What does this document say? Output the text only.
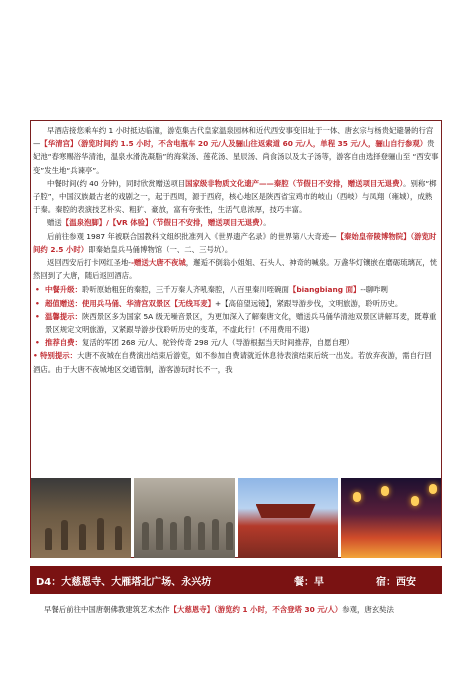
早酒店接您乘车约 1 小时抵达临潼，游览集古代皇家温泉园林和近代西安事变旧址于一体、唐玄宗与杨贵妃避暑的行宫—【华清宫】（游览时间约 1.5 小时，不含电瓶车 20 元/人及骊山往返索道 60 元/人，单程 35 元/人，骊山自行参观）贵妃池“春寒赐浴华清池，温泉水滑洗凝脂”的海棠汤、莲花汤、星辰汤、尚食汤以及太子汤等，游客自由选择登骊山至 “西安事变”发生地“兵谏亭”。

中餐时间(约 40 分钟)，同时欣赏赠送项目国家级非物质文化遗产——秦腔（节假日不安排，赠送项目无退费）。别称“梆子腔”，中国汉族最古老的戏剧之一，起于西周，源于西府，核心地区是陕西省宝鸡市的岐山（西岐）与凤翔（雍城），成熟于秦。秦腔的表演技艺朴实、粗犷、豪放，富有夸张性，生活气息浓厚，技巧丰富。

赠送【温泉泡脚】/【VR 体验】（节假日不安排，赠送项目无退费）。

后前往参观 1987 年被联合国教科文组织批准列入《世界遗产名录》的世界第八大奇迹—【秦始皇帝陵博物院】（游览时间约 2.5 小时）即秦始皇兵马俑博物馆（一、二、三号坑）。

返回西安后打卡网红圣地--赠送大唐不夜城，邂逅不倒翁小姐姐、石头人、神奇的喊泉。万盏华灯镶嵌在磨砺琉璃瓦，恍然回到了大唐，随后返回酒店。

• 中餐升级：聆听原始粗狂的秦腔，三千万秦人齐吼秦腔，八百里秦川咥碗面【biangbiang 面】--聊咋咧
• 超值赠送：使用兵马俑、华清宫双景区【无线耳麦】+【高倍望远镜】，紧跟导游步伐，文明旅游，聆听历史。
• 温馨提示：陕西景区多为国家 5A 级无噪音景区，为更加深入了解秦唐文化，赠送兵马俑华清池双景区讲解耳麦，既尊重景区规定文明旅游，又紧跟导游步伐聆听历史的变革，不虚此行！(不用费用不退)
• 推荐自费：复活的军团 268 元/人、驼铃传奇 298 元/人（导游根据当天时间推荐，自愿自理）

• 特别提示：大唐不夜城在自费演出结束后游览，如不参加自费请就近休息待表演结束后统一出发。若放弃夜游，需自行回酒店。由于大唐不夜城地区交通管制，游客游玩时长不一，我

D4：大慈恩寺、大雁塔北广场、永兴坊	餐：早	宿：西安

早餐后前往中国唐朝佛教建筑艺术杰作【大慈恩寺】（游览约 1 小时，不含登塔 30 元/人）参观，唐玄奘法
